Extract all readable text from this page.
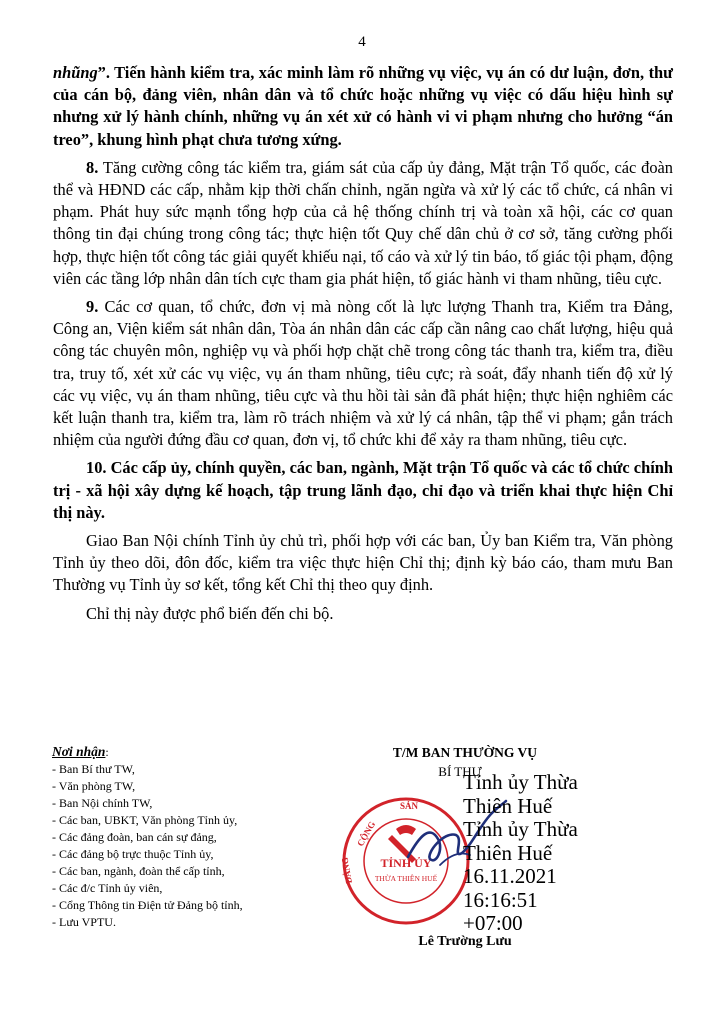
4

nhũng”. Tiến hành kiểm tra, xác minh làm rõ những vụ việc, vụ án có dư luận, đơn, thư của cán bộ, đảng viên, nhân dân và tổ chức hoặc những vụ việc có dấu hiệu hình sự nhưng xử lý hành chính, những vụ án xét xử có hành vi vi phạm nhưng cho hưởng “án treo”, khung hình phạt chưa tương xứng.

8. Tăng cường công tác kiểm tra, giám sát của cấp ủy đảng, Mặt trận Tổ quốc, các đoàn thể và HĐND các cấp, nhằm kịp thời chấn chỉnh, ngăn ngừa và xử lý các tổ chức, cá nhân vi phạm. Phát huy sức mạnh tổng hợp của cả hệ thống chính trị và toàn xã hội, các cơ quan thông tin đại chúng trong công tác; thực hiện tốt Quy chế dân chủ ở cơ sở, tăng cường phối hợp, thực hiện tốt công tác giải quyết khiếu nại, tố cáo và xử lý tin báo, tố giác tội phạm, động viên các tầng lớp nhân dân tích cực tham gia phát hiện, tố giác hành vi tham nhũng, tiêu cực.

9. Các cơ quan, tổ chức, đơn vị mà nòng cốt là lực lượng Thanh tra, Kiểm tra Đảng, Công an, Viện kiểm sát nhân dân, Tòa án nhân dân các cấp cần nâng cao chất lượng, hiệu quả công tác chuyên môn, nghiệp vụ và phối hợp chặt chẽ trong công tác thanh tra, kiểm tra, điều tra, truy tố, xét xử các vụ việc, vụ án tham nhũng, tiêu cực; rà soát, đẩy nhanh tiến độ xử lý các vụ việc, vụ án tham nhũng, tiêu cực và thu hồi tài sản đã phát hiện; thực hiện nghiêm các kết luận thanh tra, kiểm tra, làm rõ trách nhiệm và xử lý cá nhân, tập thể vi phạm; gắn trách nhiệm của người đứng đầu cơ quan, đơn vị, tổ chức khi để xảy ra tham nhũng, tiêu cực.

10. Các cấp ủy, chính quyền, các ban, ngành, Mặt trận Tổ quốc và các tổ chức chính trị - xã hội xây dựng kế hoạch, tập trung lãnh đạo, chỉ đạo và triển khai thực hiện Chỉ thị này.

Giao Ban Nội chính Tỉnh ủy chủ trì, phối hợp với các ban, Ủy ban Kiểm tra, Văn phòng Tỉnh ủy theo dõi, đôn đốc, kiểm tra việc thực hiện Chỉ thị; định kỳ báo cáo, tham mưu Ban Thường vụ Tỉnh ủy sơ kết, tổng kết Chỉ thị theo quy định.

Chỉ thị này được phổ biến đến chi bộ.

Nơi nhận:
- Ban Bí thư TW,
- Văn phòng TW,
- Ban Nội chính TW,
- Các ban, UBKT, Văn phòng Tỉnh ủy,
- Các đảng đoàn, ban cán sự đảng,
- Các đảng bộ trực thuộc Tỉnh ủy,
- Các ban, ngành, đoàn thể cấp tỉnh,
- Các đ/c Tỉnh ủy viên,
- Cổng Thông tin Điện tử Đảng bộ tỉnh,
- Lưu VPTU.
T/M BAN THƯỜNG VỤ
BÍ THƯ
TỈNH ỦY
THỪA THIÊN HUẾ
CỘNG
SẢN
ĐẢNG
Tỉnh ủy Thừa
Thiên Huế
Tỉnh ủy Thừa
Thiên Huế
16.11.2021
16:16:51
+07:00
Lê Trường Lưu
